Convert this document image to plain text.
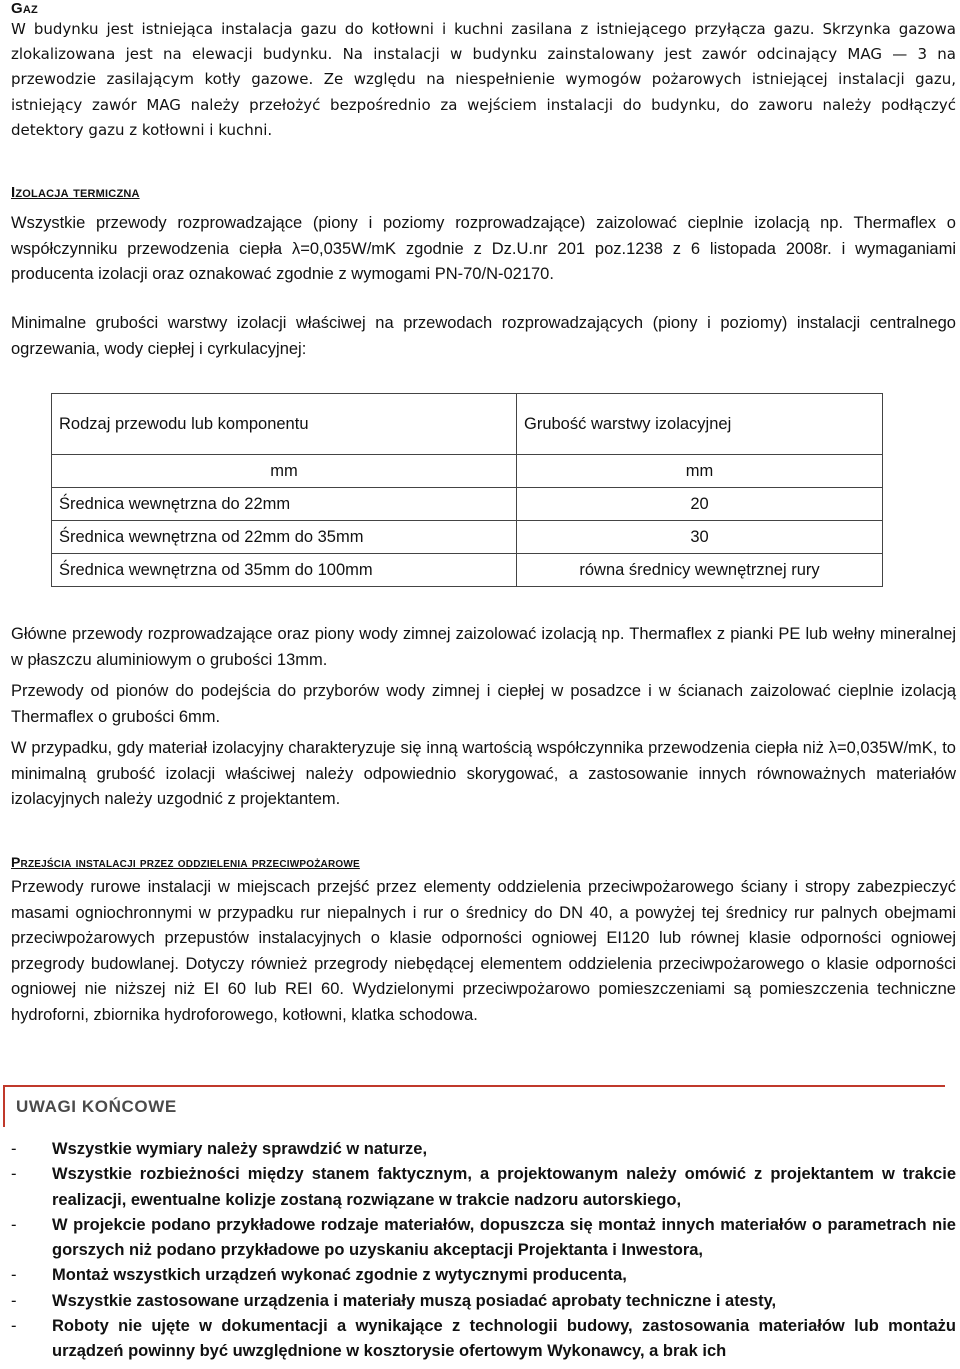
Gaz

W budynku jest istniejąca instalacja gazu do kotłowni i kuchni zasilana z istniejącego przyłącza gazu. Skrzynka gazowa zlokalizowana jest na elewacji budynku. Na instalacji w budynku zainstalowany jest zawór odcinający MAG — 3 na przewodzie zasilającym kotły gazowe. Ze względu na niespełnienie wymogów pożarowych istniejącej instalacji gazu, istniejący zawór MAG należy przełożyć bezpośrednio za wejściem instalacji do budynku, do zaworu należy podłączyć detektory gazu z kotłowni i kuchni.

Izolacja termiczna

Wszystkie przewody rozprowadzające (piony i poziomy rozprowadzające) zaizolować cieplnie izolacją np. Thermaflex o współczynniku przewodzenia ciepła λ=0,035W/mK zgodnie z Dz.U.nr 201 poz.1238 z 6 listopada 2008r. i wymaganiami producenta izolacji oraz oznakować zgodnie z wymogami PN-70/N-02170.

Minimalne grubości warstwy izolacji właściwej na przewodach rozprowadzających (piony i poziomy) instalacji centralnego ogrzewania, wody ciepłej i cyrkulacyjnej:

Rodzaj przewodu lub komponentu	Grubość warstwy izolacyjnej
mm	mm
Średnica wewnętrzna do 22mm	20
Średnica wewnętrzna od 22mm do 35mm	30
Średnica wewnętrzna od 35mm do 100mm	równa średnicy wewnętrznej rury

Główne przewody rozprowadzające oraz piony wody zimnej zaizolować izolacją np. Thermaflex z pianki PE lub wełny mineralnej w płaszczu aluminiowym o grubości 13mm.

Przewody od pionów do podejścia do przyborów wody zimnej i ciepłej w posadzce i w ścianach zaizolować cieplnie izolacją Thermaflex o grubości 6mm.

W przypadku, gdy materiał izolacyjny charakteryzuje się inną wartością współczynnika przewodzenia ciepła niż λ=0,035W/mK, to minimalną grubość izolacji właściwej należy odpowiednio skorygować, a zastosowanie innych równoważnych materiałów izolacyjnych należy uzgodnić z projektantem.

Przejścia instalacji przez oddzielenia przeciwpożarowe

Przewody rurowe instalacji w miejscach przejść przez elementy oddzielenia przeciwpożarowego ściany i stropy zabezpieczyć masami ogniochronnymi w przypadku rur niepalnych i rur o średnicy do DN 40, a powyżej tej średnicy rur palnych obejmami przeciwpożarowych przepustów instalacyjnych o klasie odporności ogniowej EI120 lub równej klasie odporności ogniowej przegrody budowlanej. Dotyczy również przegrody niebędącej elementem oddzielenia przeciwpożarowego o klasie odporności ogniowej nie niższej niż EI 60 lub REI 60. Wydzielonymi przeciwpożarowo pomieszczeniami są pomieszczenia techniczne hydroforni, zbiornika hydroforowego, kotłowni, klatka schodowa.

UWAGI KOŃCOWE
- Wszystkie wymiary należy sprawdzić w naturze,
- Wszystkie rozbieżności między stanem faktycznym, a projektowanym należy omówić z projektantem w trakcie realizacji, ewentualne kolizje zostaną rozwiązane w trakcie nadzoru autorskiego,
- W projekcie podano przykładowe rodzaje materiałów, dopuszcza się montaż innych materiałów o parametrach nie gorszych niż podano przykładowe po uzyskaniu akceptacji Projektanta i Inwestora,
- Montaż wszystkich urządzeń wykonać zgodnie z wytycznymi producenta,
- Wszystkie zastosowane urządzenia i materiały muszą posiadać aprobaty techniczne i atesty,
- Roboty nie ujęte w dokumentacji a wynikające z technologii budowy, zastosowania materiałów lub montażu urządzeń powinny być uwzględnione w kosztorysie ofertowym Wykonawcy, a brak ich
